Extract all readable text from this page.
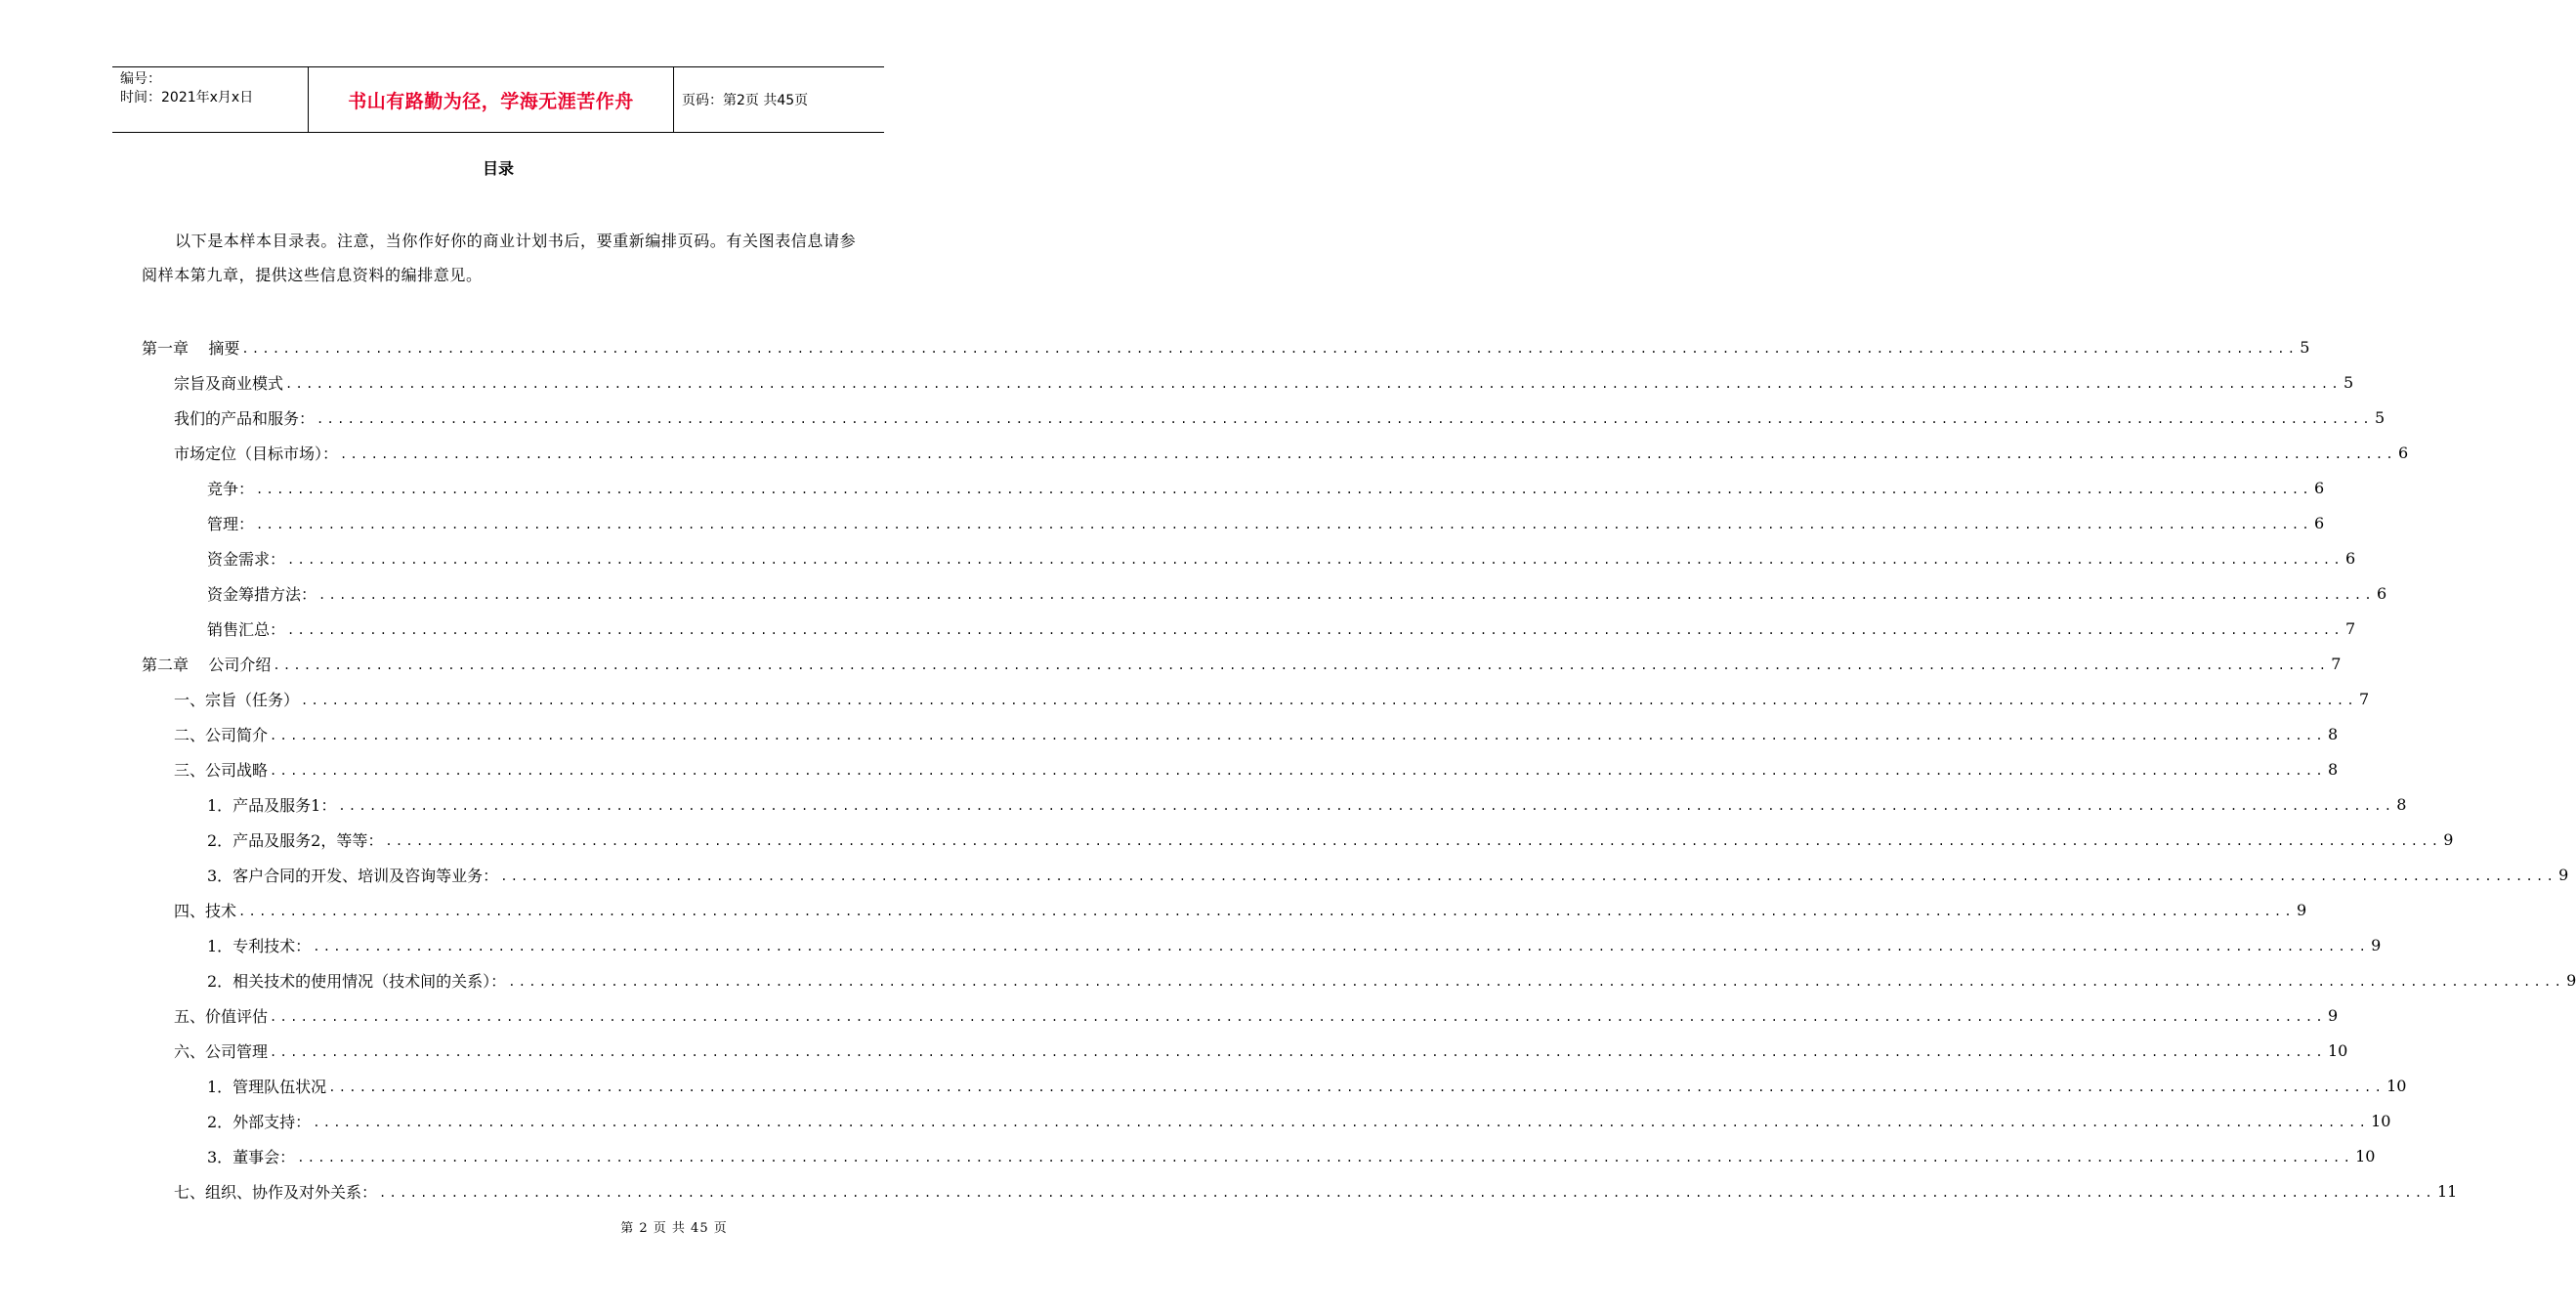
编号：
时间：2021年x月x日	书山有路勤为径，学海无涯苦作舟	页码：第2页 共45页
目录
以下是本样本目录表。注意，当你作好你的商业计划书后，要重新编排页码。有关图表信息请参阅样本第九章，提供这些信息资料的编排意见。
第一章    摘要 ........................................................................................................................................................................................................ 5
宗旨及商业模式 ........................................................................................................................................................................................................ 5
我们的产品和服务： ........................................................................................................................................................................................................ 5
市场定位（目标市场）： ........................................................................................................................................................................................................ 6
竞争： ........................................................................................................................................................................................................ 6
管理： ........................................................................................................................................................................................................ 6
资金需求： ........................................................................................................................................................................................................ 6
资金筹措方法： ........................................................................................................................................................................................................ 6
销售汇总： ........................................................................................................................................................................................................ 7
第二章    公司介绍 ........................................................................................................................................................................................................ 7
一、宗旨（任务） ........................................................................................................................................................................................................ 7
二、公司简介 ........................................................................................................................................................................................................ 8
三、公司战略 ........................................................................................................................................................................................................ 8
1．产品及服务1： ........................................................................................................................................................................................................ 8
2．产品及服务2，等等： ........................................................................................................................................................................................................ 9
3．客户合同的开发、培训及咨询等业务： ........................................................................................................................................................................................................ 9
四、技术 ........................................................................................................................................................................................................ 9
1．专利技术： ........................................................................................................................................................................................................ 9
2．相关技术的使用情况（技术间的关系）： ........................................................................................................................................................................................................ 9
五、价值评估 ........................................................................................................................................................................................................ 9
六、公司管理 ........................................................................................................................................................................................................ 10
1．管理队伍状况 ........................................................................................................................................................................................................ 10
2．外部支持： ........................................................................................................................................................................................................ 10
3．董事会： ........................................................................................................................................................................................................ 10
七、组织、协作及对外关系： ........................................................................................................................................................................................................ 11
第 2 页 共 45 页
